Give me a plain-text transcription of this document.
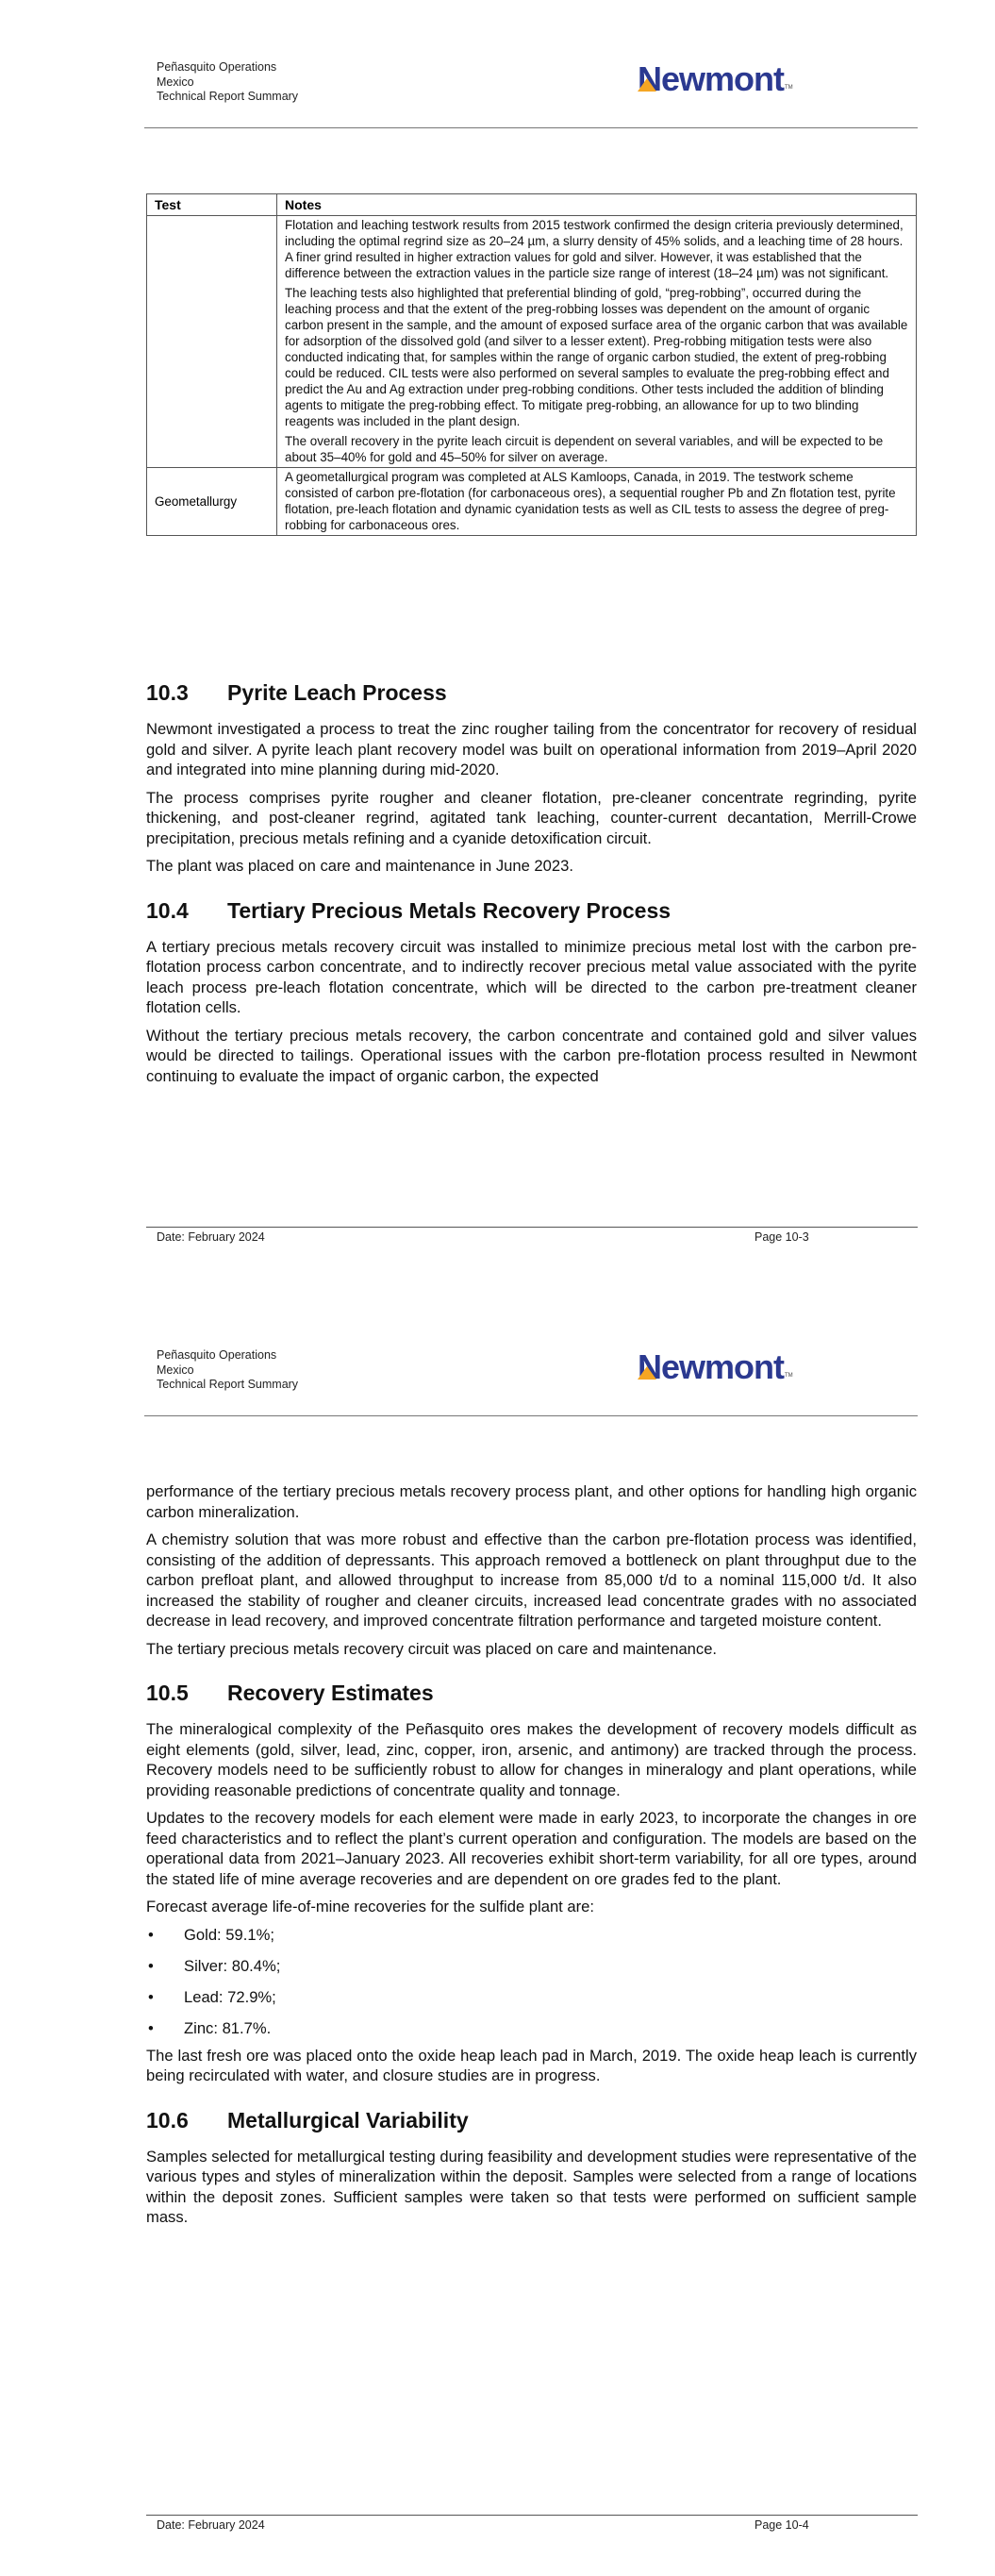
Peñasquito Operations
Mexico
Technical Report Summary	Newmont TM
Test	Notes

	Flotation and leaching testwork results from 2015 testwork confirmed the design criteria previously determined, including the optimal regrind size as 20–24 µm, a slurry density of 45% solids, and a leaching time of 28 hours. A finer grind resulted in higher extraction values for gold and silver. However, it was established that the difference between the extraction values in the particle size range of interest (18–24 µm) was not significant.

The leaching tests also highlighted that preferential blinding of gold, “preg-robbing”, occurred during the leaching process and that the extent of the preg-robbing losses was dependent on the amount of organic carbon present in the sample, and the amount of exposed surface area of the organic carbon that was available for adsorption of the dissolved gold (and silver to a lesser extent). Preg-robbing mitigation tests were also conducted indicating that, for samples within the range of organic carbon studied, the extent of preg-robbing could be reduced. CIL tests were also performed on several samples to evaluate the preg-robbing effect and predict the Au and Ag extraction under preg-robbing conditions. Other tests included the addition of blinding agents to mitigate the preg-robbing effect. To mitigate preg-robbing, an allowance for up to two blinding reagents was included in the plant design.

The overall recovery in the pyrite leach circuit is dependent on several variables, and will be expected to be about 35–40% for gold and 45–50% for silver on average.

Geometallurgy	A geometallurgical program was completed at ALS Kamloops, Canada, in 2019. The testwork scheme consisted of carbon pre-flotation (for carbonaceous ores), a sequential rougher Pb and Zn flotation test, pyrite flotation, pre-leach flotation and dynamic cyanidation tests as well as CIL tests to assess the degree of preg-robbing for carbonaceous ores.

10.3	Pyrite Leach Process

Newmont investigated a process to treat the zinc rougher tailing from the concentrator for recovery of residual gold and silver. A pyrite leach plant recovery model was built on operational information from 2019–April 2020 and integrated into mine planning during mid-2020.

The process comprises pyrite rougher and cleaner flotation, pre-cleaner concentrate regrinding, pyrite thickening, and post-cleaner regrind, agitated tank leaching, counter-current decantation, Merrill-Crowe precipitation, precious metals refining and a cyanide detoxification circuit.

The plant was placed on care and maintenance in June 2023.

10.4	Tertiary Precious Metals Recovery Process

A tertiary precious metals recovery circuit was installed to minimize precious metal lost with the carbon pre-flotation process carbon concentrate, and to indirectly recover precious metal value associated with the pyrite leach process pre-leach flotation concentrate, which will be directed to the carbon pre-treatment cleaner flotation cells.

Without the tertiary precious metals recovery, the carbon concentrate and contained gold and silver values would be directed to tailings. Operational issues with the carbon pre-flotation process resulted in Newmont continuing to evaluate the impact of organic carbon, the expected

Date: February 2024	Page 10-3
Peñasquito Operations
Mexico
Technical Report Summary	Newmont TM

performance of the tertiary precious metals recovery process plant, and other options for handling high organic carbon mineralization.

A chemistry solution that was more robust and effective than the carbon pre-flotation process was identified, consisting of the addition of depressants. This approach removed a bottleneck on plant throughput due to the carbon prefloat plant, and allowed throughput to increase from 85,000 t/d to a nominal 115,000 t/d. It also increased the stability of rougher and cleaner circuits, increased lead concentrate grades with no associated decrease in lead recovery, and improved concentrate filtration performance and targeted moisture content.

The tertiary precious metals recovery circuit was placed on care and maintenance.

10.5	Recovery Estimates

The mineralogical complexity of the Peñasquito ores makes the development of recovery models difficult as eight elements (gold, silver, lead, zinc, copper, iron, arsenic, and antimony) are tracked through the process. Recovery models need to be sufficiently robust to allow for changes in mineralogy and plant operations, while providing reasonable predictions of concentrate quality and tonnage.

Updates to the recovery models for each element were made in early 2023, to incorporate the changes in ore feed characteristics and to reflect the plant’s current operation and configuration. The models are based on the operational data from 2021–January 2023. All recoveries exhibit short-term variability, for all ore types, around the stated life of mine average recoveries and are dependent on ore grades fed to the plant.

Forecast average life-of-mine recoveries for the sulfide plant are:

•	Gold: 59.1%;
•	Silver: 80.4%;
•	Lead: 72.9%;
•	Zinc: 81.7%.

The last fresh ore was placed onto the oxide heap leach pad in March, 2019. The oxide heap leach is currently being recirculated with water, and closure studies are in progress.

10.6	Metallurgical Variability

Samples selected for metallurgical testing during feasibility and development studies were representative of the various types and styles of mineralization within the deposit. Samples were selected from a range of locations within the deposit zones. Sufficient samples were taken so that tests were performed on sufficient sample mass.

Date: February 2024	Page 10-4
